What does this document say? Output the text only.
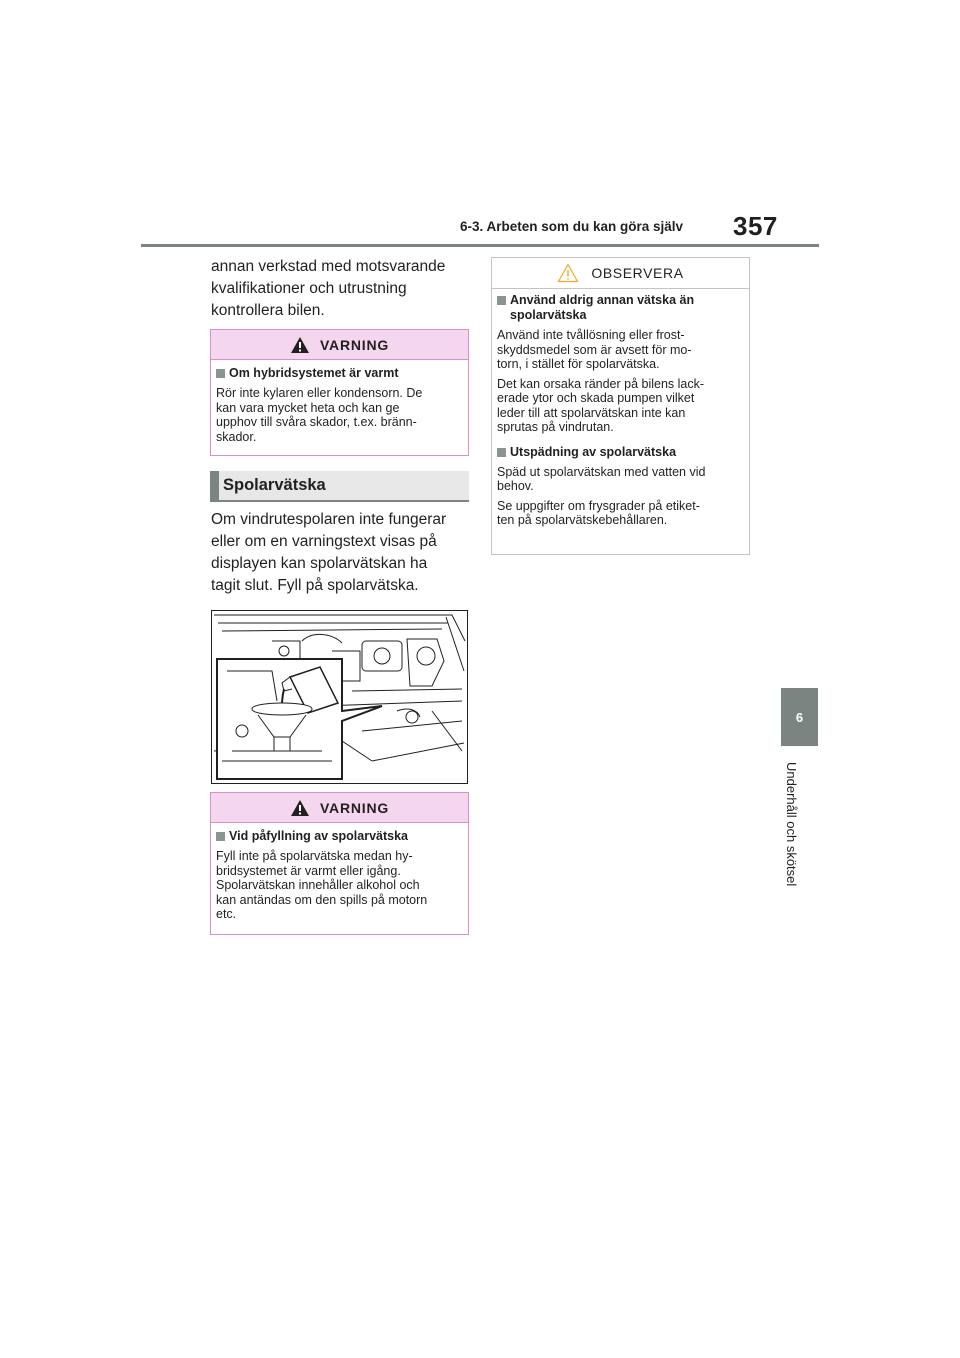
6-3. Arbeten som du kan göra själv 357
6
Underhåll och skötsel

annan verkstad med motsvarande

kvalifikationer och utrustning

kontrollera bilen.

VARNING
Om hybridsystemet är varmt
Rör inte kylaren eller kondensorn. De
kan vara mycket heta och kan ge
upphov till svåra skador, t.ex. bränn-
skador.
Spolarvätska

Om vindrutespolaren inte fungerar

eller om en varningstext visas på

displayen kan spolarvätskan ha

tagit slut. Fyll på spolarvätska.

VARNING
Vid påfyllning av spolarvätska
Fyll inte på spolarvätska medan hy-
bridsystemet är varmt eller igång.
Spolarvätskan innehåller alkohol och
kan antändas om den spills på motorn
etc.
OBSERVERA
Använd aldrig annan vätska än
spolarvätska
Använd inte tvållösning eller frost-
skyddsmedel som är avsett för mo-
torn, i stället för spolarvätska.
Det kan orsaka ränder på bilens lack-
erade ytor och skada pumpen vilket
leder till att spolarvätskan inte kan
sprutas på vindrutan.
Utspädning av spolarvätska
Späd ut spolarvätskan med vatten vid
behov.
Se uppgifter om frysgrader på etiket-
ten på spolarvätskebehållaren.
